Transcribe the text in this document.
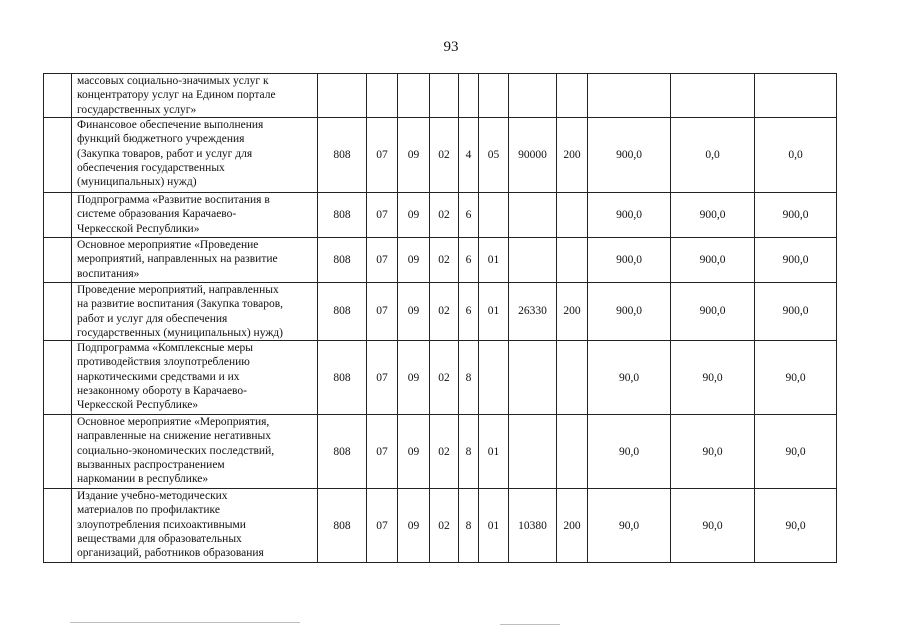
93
	массовых социально-значимых услуг к
концентратору услуг на Едином портале
государственных услуг»											
	Финансовое обеспечение выполнения
функций бюджетного учреждения
(Закупка товаров, работ и услуг для
обеспечения государственных
(муниципальных) нужд)	808	07	09	02	4	05	90000	200	900,0	0,0	0,0
	Подпрограмма «Развитие воспитания в
системе образования Карачаево-
Черкесской Республики»	808	07	09	02	6				900,0	900,0	900,0
	Основное мероприятие «Проведение
мероприятий, направленных на развитие
воспитания»	808	07	09	02	6	01			900,0	900,0	900,0
	Проведение мероприятий, направленных
на развитие воспитания (Закупка товаров,
работ и услуг для обеспечения
государственных (муниципальных) нужд)	808	07	09	02	6	01	26330	200	900,0	900,0	900,0
	Подпрограмма «Комплексные меры
противодействия злоупотреблению
наркотическими средствами и их
незаконному обороту в Карачаево-
Черкесской Республике»	808	07	09	02	8				90,0	90,0	90,0
	Основное мероприятие «Мероприятия,
направленные на снижение негативных
социально-экономических последствий,
вызванных распространением
наркомании в республике»	808	07	09	02	8	01			90,0	90,0	90,0
	Издание учебно-методических
материалов по профилактике
злоупотребления психоактивными
веществами для образовательных
организаций, работников образования	808	07	09	02	8	01	10380	200	90,0	90,0	90,0
